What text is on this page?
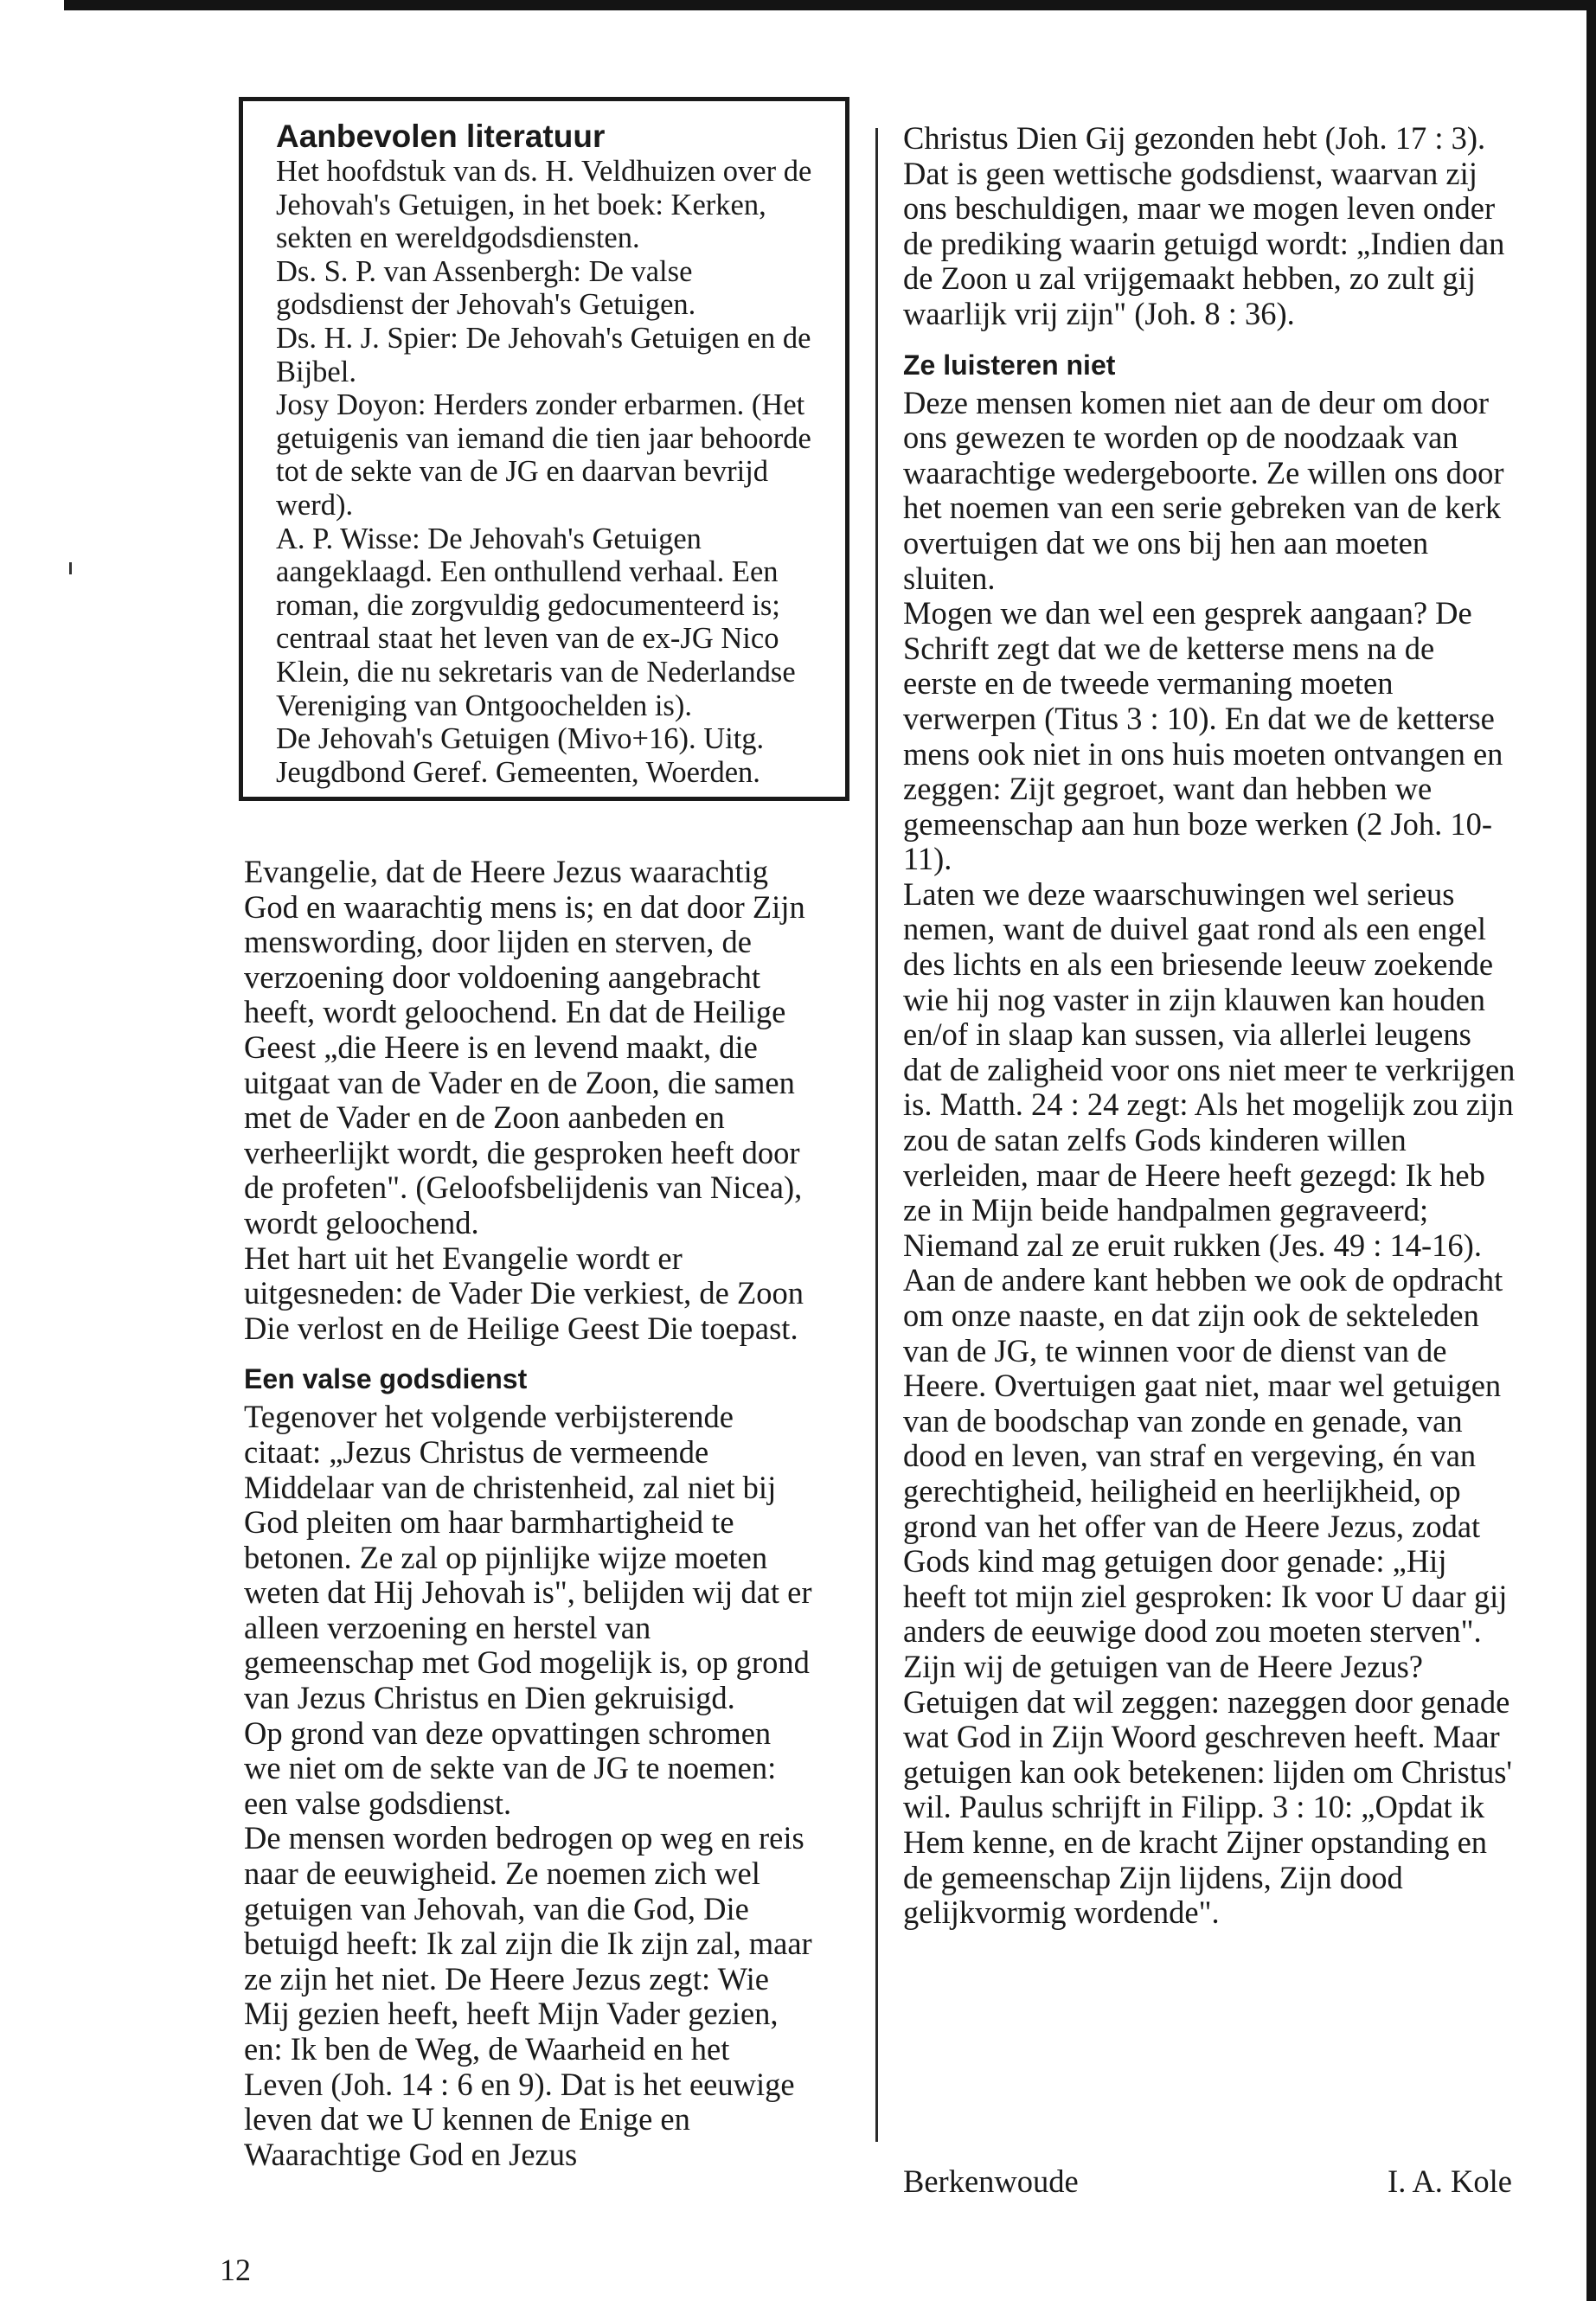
Aanbevolen literatuur

Het hoofdstuk van ds. H. Veldhuizen over de Jehovah's Getuigen, in het boek: Kerken, sekten en wereldgodsdiensten.

Ds. S. P. van Assenbergh: De valse godsdienst der Jehovah's Getuigen.

Ds. H. J. Spier: De Jehovah's Getuigen en de Bijbel.

Josy Doyon: Herders zonder erbarmen. (Het getuigenis van iemand die tien jaar behoorde tot de sekte van de JG en daarvan bevrijd werd).

A. P. Wisse: De Jehovah's Getuigen aangeklaagd. Een onthullend verhaal. Een roman, die zorgvuldig gedocumenteerd is; centraal staat het leven van de ex-JG Nico Klein, die nu sekretaris van de Nederlandse Vereniging van Ontgoochelden is).

De Jehovah's Getuigen (Mivo+16). Uitg. Jeugdbond Geref. Gemeenten, Woerden.

Evangelie, dat de Heere Jezus waarachtig God en waarachtig mens is; en dat door Zijn menswording, door lijden en sterven, de verzoening door voldoening aangebracht heeft, wordt geloochend. En dat de Heilige Geest „die Heere is en levend maakt, die uitgaat van de Vader en de Zoon, die samen met de Vader en de Zoon aanbeden en verheerlijkt wordt, die gesproken heeft door de profeten". (Geloofsbelijdenis van Nicea), wordt geloochend.

Het hart uit het Evangelie wordt er uitgesneden: de Vader Die verkiest, de Zoon Die verlost en de Heilige Geest Die toepast.

Een valse godsdienst

Tegenover het volgende verbijsterende citaat: „Jezus Christus de vermeende Middelaar van de christenheid, zal niet bij God pleiten om haar barmhartigheid te betonen. Ze zal op pijnlijke wijze moeten weten dat Hij Jehovah is", belijden wij dat er alleen verzoening en herstel van gemeenschap met God mogelijk is, op grond van Jezus Christus en Dien gekruisigd.

Op grond van deze opvattingen schromen we niet om de sekte van de JG te noemen: een valse godsdienst.

De mensen worden bedrogen op weg en reis naar de eeuwigheid. Ze noemen zich wel getuigen van Jehovah, van die God, Die betuigd heeft: Ik zal zijn die Ik zijn zal, maar ze zijn het niet. De Heere Jezus zegt: Wie Mij gezien heeft, heeft Mijn Vader gezien, en: Ik ben de Weg, de Waarheid en het Leven (Joh. 14 : 6 en 9). Dat is het eeuwige leven dat we U kennen de Enige en Waarachtige God en Jezus

Christus Dien Gij gezonden hebt (Joh. 17 : 3). Dat is geen wettische godsdienst, waarvan zij ons beschuldigen, maar we mogen leven onder de prediking waarin getuigd wordt: „Indien dan de Zoon u zal vrijgemaakt hebben, zo zult gij waarlijk vrij zijn" (Joh. 8 : 36).

Ze luisteren niet

Deze mensen komen niet aan de deur om door ons gewezen te worden op de noodzaak van waarachtige wedergeboorte. Ze willen ons door het noemen van een serie gebreken van de kerk overtuigen dat we ons bij hen aan moeten sluiten.

Mogen we dan wel een gesprek aangaan? De Schrift zegt dat we de ketterse mens na de eerste en de tweede vermaning moeten verwerpen (Titus 3 : 10). En dat we de ketterse mens ook niet in ons huis moeten ontvangen en zeggen: Zijt gegroet, want dan hebben we gemeenschap aan hun boze werken (2 Joh. 10-11).

Laten we deze waarschuwingen wel serieus nemen, want de duivel gaat rond als een engel des lichts en als een briesende leeuw zoekende wie hij nog vaster in zijn klauwen kan houden en/of in slaap kan sussen, via allerlei leugens dat de zaligheid voor ons niet meer te verkrijgen is. Matth. 24 : 24 zegt: Als het mogelijk zou zijn zou de satan zelfs Gods kinderen willen verleiden, maar de Heere heeft gezegd: Ik heb ze in Mijn beide handpalmen gegraveerd; Niemand zal ze eruit rukken (Jes. 49 : 14-16).

Aan de andere kant hebben we ook de opdracht om onze naaste, en dat zijn ook de sekteleden van de JG, te winnen voor de dienst van de Heere. Overtuigen gaat niet, maar wel getuigen van de boodschap van zonde en genade, van dood en leven, van straf en vergeving, én van gerechtigheid, heiligheid en heerlijkheid, op grond van het offer van de Heere Jezus, zodat Gods kind mag getuigen door genade: „Hij heeft tot mijn ziel gesproken: Ik voor U daar gij anders de eeuwige dood zou moeten sterven".

Zijn wij de getuigen van de Heere Jezus? Getuigen dat wil zeggen: nazeggen door genade wat God in Zijn Woord geschreven heeft. Maar getuigen kan ook betekenen: lijden om Christus' wil. Paulus schrijft in Filipp. 3 : 10: „Opdat ik Hem kenne, en de kracht Zijner opstanding en de gemeenschap Zijn lijdens, Zijn dood gelijkvormig wordende".

Berkenwoude	I. A. Kole
12
